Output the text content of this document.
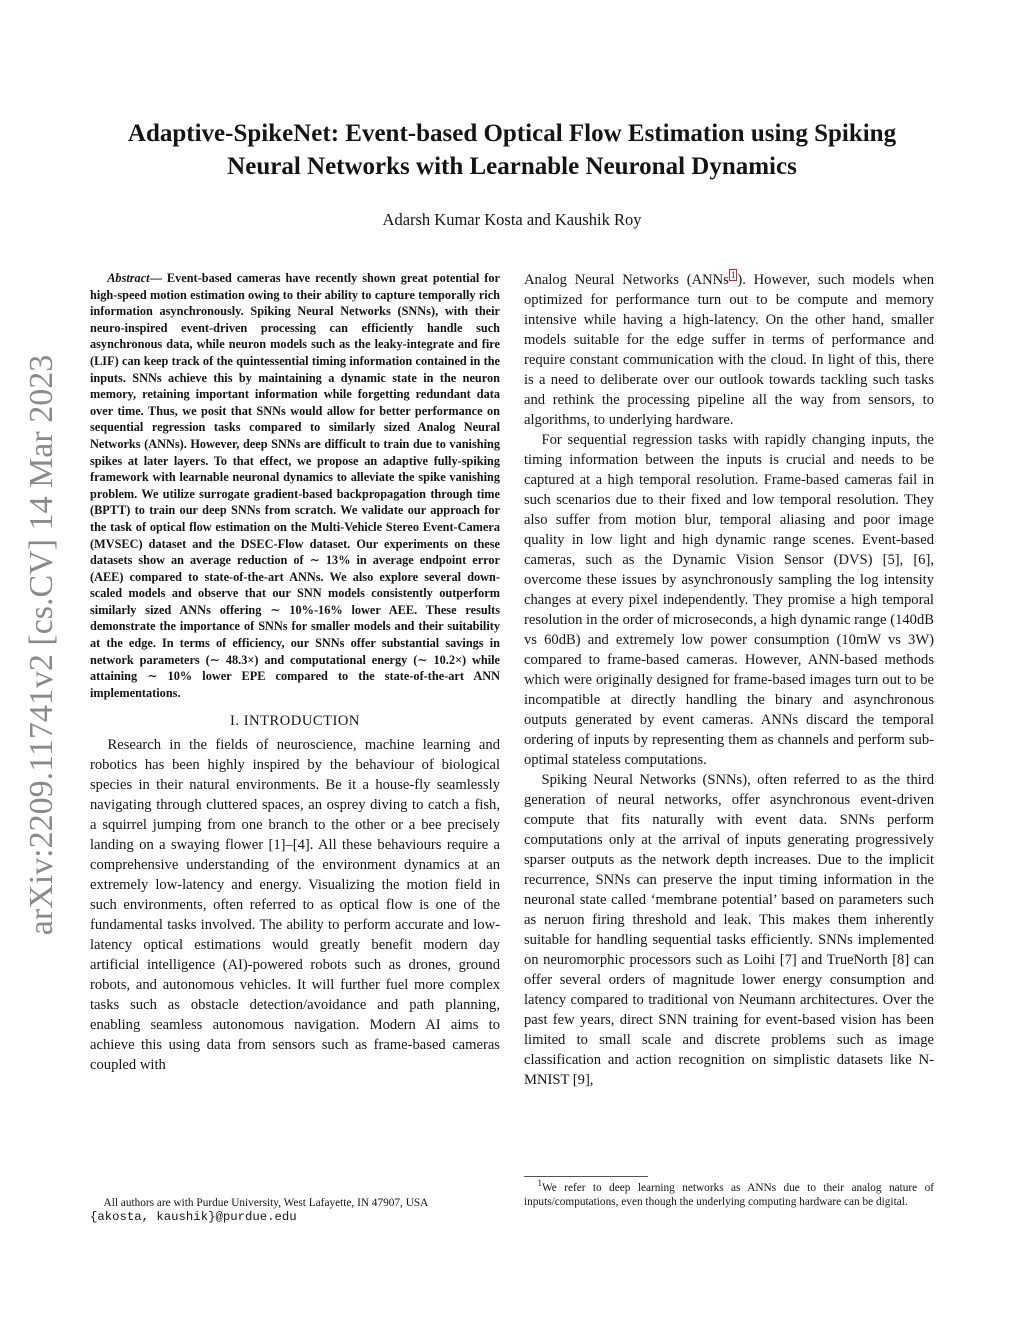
arXiv:2209.11741v2 [cs.CV] 14 Mar 2023
Adaptive-SpikeNet: Event-based Optical Flow Estimation using Spiking
Neural Networks with Learnable Neuronal Dynamics
Adarsh Kumar Kosta and Kaushik Roy

Abstract— Event-based cameras have recently shown great potential for high-speed motion estimation owing to their ability to capture temporally rich information asynchronously. Spiking Neural Networks (SNNs), with their neuro-inspired event-driven processing can efficiently handle such asynchronous data, while neuron models such as the leaky-integrate and fire (LIF) can keep track of the quintessential timing information contained in the inputs. SNNs achieve this by maintaining a dynamic state in the neuron memory, retaining important information while forgetting redundant data over time. Thus, we posit that SNNs would allow for better performance on sequential regression tasks compared to similarly sized Analog Neural Networks (ANNs). However, deep SNNs are difficult to train due to vanishing spikes at later layers. To that effect, we propose an adaptive fully-spiking framework with learnable neuronal dynamics to alleviate the spike vanishing problem. We utilize surrogate gradient-based backpropagation through time (BPTT) to train our deep SNNs from scratch. We validate our approach for the task of optical flow estimation on the Multi-Vehicle Stereo Event-Camera (MVSEC) dataset and the DSEC-Flow dataset. Our experiments on these datasets show an average reduction of ∼ 13% in average endpoint error (AEE) compared to state-of-the-art ANNs. We also explore several down-scaled models and observe that our SNN models consistently outperform similarly sized ANNs offering ∼ 10%-16% lower AEE. These results demonstrate the importance of SNNs for smaller models and their suitability at the edge. In terms of efficiency, our SNNs offer substantial savings in network parameters (∼ 48.3×) and computational energy (∼ 10.2×) while attaining ∼ 10% lower EPE compared to the state-of-the-art ANN implementations.

I. INTRODUCTION

Research in the fields of neuroscience, machine learning and robotics has been highly inspired by the behaviour of biological species in their natural environments. Be it a house-fly seamlessly navigating through cluttered spaces, an osprey diving to catch a fish, a squirrel jumping from one branch to the other or a bee precisely landing on a swaying flower [1]–[4]. All these behaviours require a comprehensive understanding of the environment dynamics at an extremely low-latency and energy. Visualizing the motion field in such environments, often referred to as optical flow is one of the fundamental tasks involved. The ability to perform accurate and low-latency optical estimations would greatly benefit modern day artificial intelligence (AI)-powered robots such as drones, ground robots, and autonomous vehicles. It will further fuel more complex tasks such as obstacle detection/avoidance and path planning, enabling seamless autonomous navigation. Modern AI aims to achieve this using data from sensors such as frame-based cameras coupled with

Analog Neural Networks (ANNs $^1$ ). However, such models when optimized for performance turn out to be compute and memory intensive while having a high-latency. On the other hand, smaller models suitable for the edge suffer in terms of performance and require constant communication with the cloud. In light of this, there is a need to deliberate over our outlook towards tackling such tasks and rethink the processing pipeline all the way from sensors, to algorithms, to underlying hardware.

For sequential regression tasks with rapidly changing inputs, the timing information between the inputs is crucial and needs to be captured at a high temporal resolution. Frame-based cameras fail in such scenarios due to their fixed and low temporal resolution. They also suffer from motion blur, temporal aliasing and poor image quality in low light and high dynamic range scenes. Event-based cameras, such as the Dynamic Vision Sensor (DVS) [5], [6], overcome these issues by asynchronously sampling the log intensity changes at every pixel independently. They promise a high temporal resolution in the order of microseconds, a high dynamic range (140dB vs 60dB) and extremely low power consumption (10mW vs 3W) compared to frame-based cameras. However, ANN-based methods which were originally designed for frame-based images turn out to be incompatible at directly handling the binary and asynchronous outputs generated by event cameras. ANNs discard the temporal ordering of inputs by representing them as channels and perform sub-optimal stateless computations.

Spiking Neural Networks (SNNs), often referred to as the third generation of neural networks, offer asynchronous event-driven compute that fits naturally with event data. SNNs perform computations only at the arrival of inputs generating progressively sparser outputs as the network depth increases. Due to the implicit recurrence, SNNs can preserve the input timing information in the neuronal state called ‘membrane potential’ based on parameters such as neruon firing threshold and leak. This makes them inherently suitable for handling sequential tasks efficiently. SNNs implemented on neuromorphic processors such as Loihi [7] and TrueNorth [8] can offer several orders of magnitude lower energy consumption and latency compared to traditional von Neumann architectures. Over the past few years, direct SNN training for event-based vision has been limited to small scale and discrete problems such as image classification and action recognition on simplistic datasets like N-MNIST [9],

All authors are with Purdue University, West Lafayette, IN 47907, USA

{akosta, kaushik}@purdue.edu

$^1$We refer to deep learning networks as ANNs due to their analog nature of inputs/computations, even though the underlying computing hardware can be digital.
